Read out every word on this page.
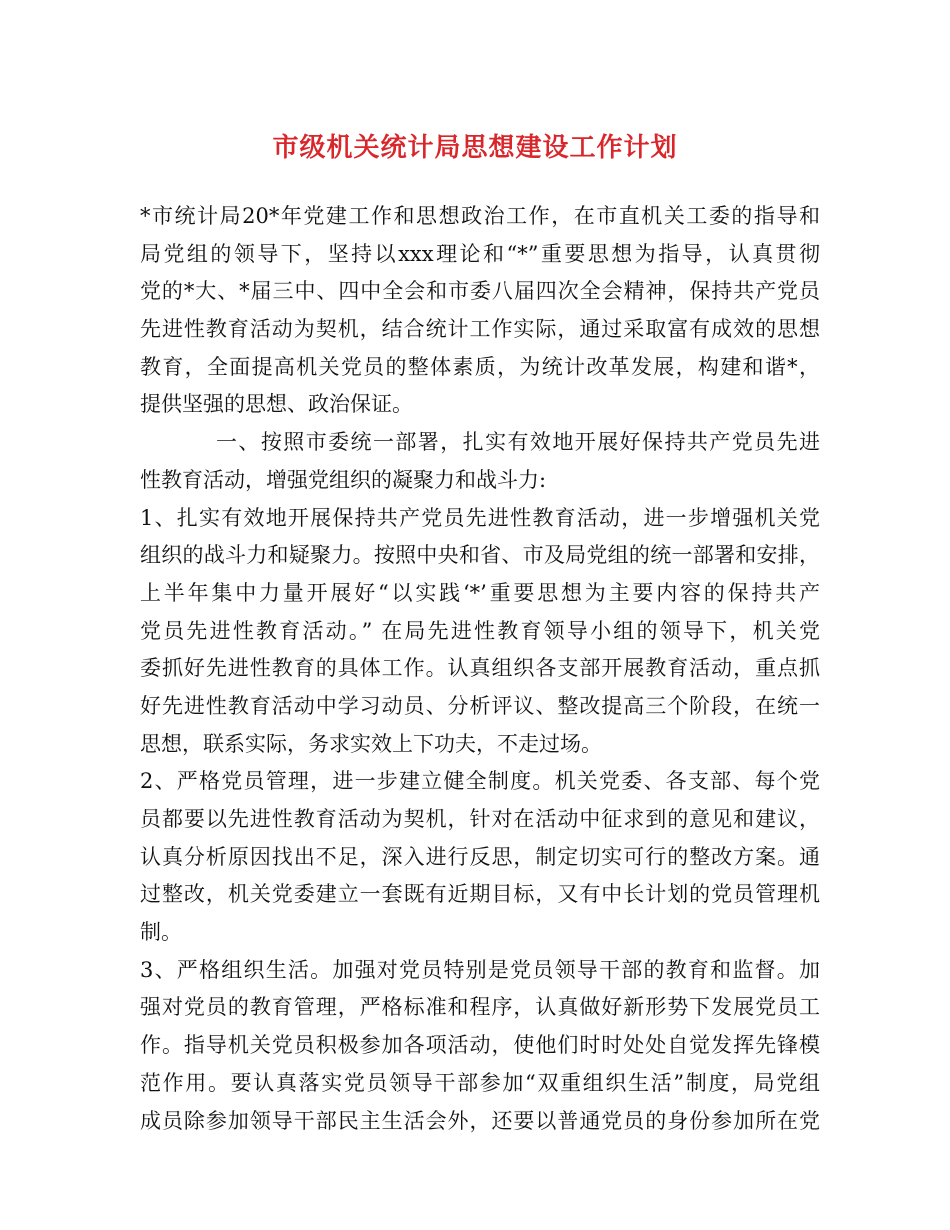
市级机关统计局思想建设工作计划
*市统计局20*年党建工作和思想政治工作，在市直机关工委的指导和
局党组的领导下，坚持以xxx理论和“*”重要思想为指导，认真贯彻
党的*大、*届三中、四中全会和市委八届四次全会精神，保持共产党员
先进性教育活动为契机，结合统计工作实际，通过采取富有成效的思想
教育，全面提高机关党员的整体素质，为统计改革发展，构建和谐*，
提供坚强的思想、政治保证。
一、按照市委统一部署，扎实有效地开展好保持共产党员先进
性教育活动，增强党组织的凝聚力和战斗力:
1、扎实有效地开展保持共产党员先进性教育活动，进一步增强机关党
组织的战斗力和疑聚力。按照中央和省、市及局党组的统一部署和安排，
上半年集中力量开展好“以实践‘*’重要思想为主要内容的保持共产
党员先进性教育活动。” 在局先进性教育领导小组的领导下，机关党
委抓好先进性教育的具体工作。认真组织各支部开展教育活动，重点抓
好先进性教育活动中学习动员、分析评议、整改提高三个阶段，在统一
思想，联系实际，务求实效上下功夫，不走过场。
2、严格党员管理，进一步建立健全制度。机关党委、各支部、每个党
员都要以先进性教育活动为契机，针对在活动中征求到的意见和建议，
认真分析原因找出不足，深入进行反思，制定切实可行的整改方案。通
过整改，机关党委建立一套既有近期目标，又有中长计划的党员管理机
制。
3、严格组织生活。加强对党员特别是党员领导干部的教育和监督。加
强对党员的教育管理，严格标准和程序，认真做好新形势下发展党员工
作。指导机关党员积极参加各项活动，使他们时时处处自觉发挥先锋模
范作用。要认真落实党员领导干部参加“双重组织生活”制度，局党组
成员除参加领导干部民主生活会外，还要以普通党员的身份参加所在党
